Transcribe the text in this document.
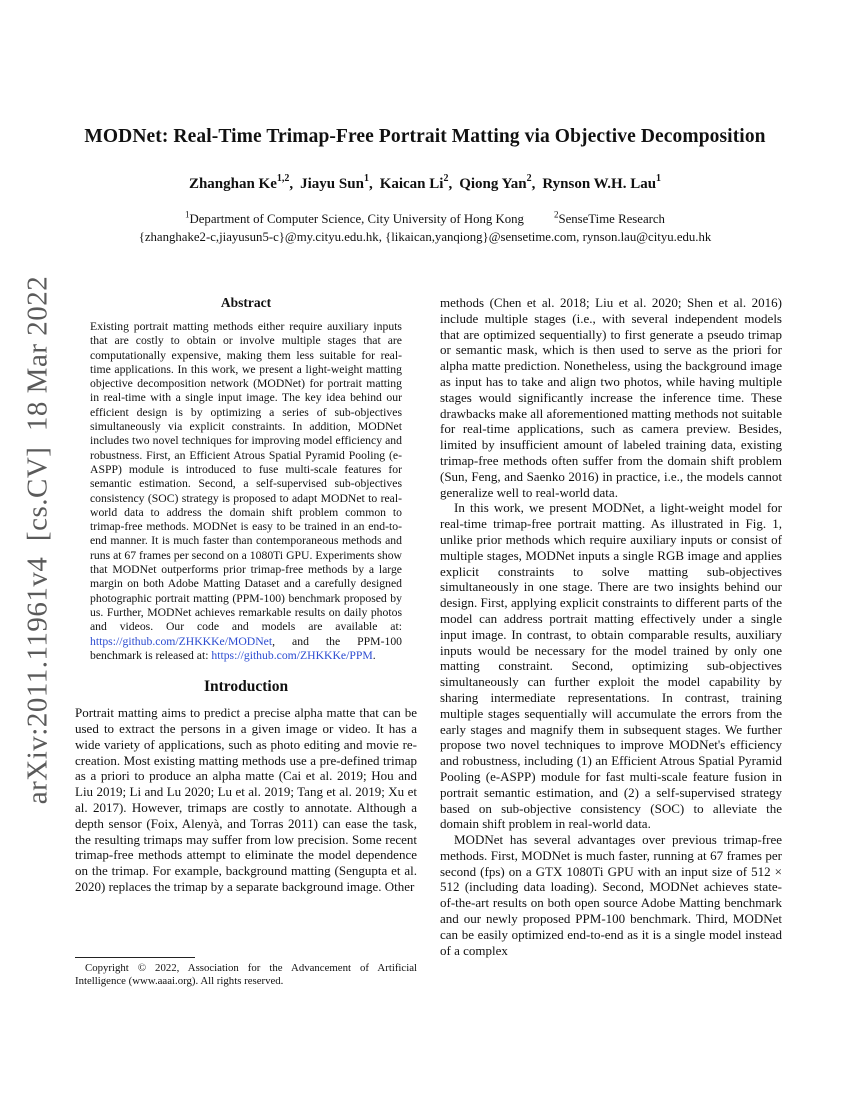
arXiv:2011.11961v4  [cs.CV]  18 Mar 2022
MODNet: Real-Time Trimap-Free Portrait Matting via Objective Decomposition
Zhanghan Ke$^{1,2}$, Jiayu Sun$^1$, Kaican Li$^2$, Qiong Yan$^2$, Rynson W.H. Lau$^1$
$^1$Department of Computer Science, City University of Hong Kong	$^2$SenseTime Research
{zhanghake2-c,jiayusun5-c}@my.cityu.edu.hk, {likaican,yanqiong}@sensetime.com, rynson.lau@cityu.edu.hk
Abstract

Existing portrait matting methods either require auxiliary inputs that are costly to obtain or involve multiple stages that are computationally expensive, making them less suitable for real-time applications. In this work, we present a light-weight matting objective decomposition network (MODNet) for portrait matting in real-time with a single input image. The key idea behind our efficient design is by optimizing a series of sub-objectives simultaneously via explicit constraints. In addition, MODNet includes two novel techniques for improving model efficiency and robustness. First, an Efficient Atrous Spatial Pyramid Pooling (e-ASPP) module is introduced to fuse multi-scale features for semantic estimation. Second, a self-supervised sub-objectives consistency (SOC) strategy is proposed to adapt MODNet to real-world data to address the domain shift problem common to trimap-free methods. MODNet is easy to be trained in an end-to-end manner. It is much faster than contemporaneous methods and runs at 67 frames per second on a 1080Ti GPU. Experiments show that MODNet outperforms prior trimap-free methods by a large margin on both Adobe Matting Dataset and a carefully designed photographic portrait matting (PPM-100) benchmark proposed by us. Further, MODNet achieves remarkable results on daily photos and videos. Our code and models are available at: https://github.com/ZHKKKe/MODNet, and the PPM-100 benchmark is released at: https://github.com/ZHKKKe/PPM.

Introduction

Portrait matting aims to predict a precise alpha matte that can be used to extract the persons in a given image or video. It has a wide variety of applications, such as photo editing and movie re-creation. Most existing matting methods use a pre-defined trimap as a priori to produce an alpha matte (Cai et al. 2019; Hou and Liu 2019; Li and Lu 2020; Lu et al. 2019; Tang et al. 2019; Xu et al. 2017). However, trimaps are costly to annotate. Although a depth sensor (Foix, Alenyà, and Torras 2011) can ease the task, the resulting trimaps may suffer from low precision. Some recent trimap-free methods attempt to eliminate the model dependence on the trimap. For example, background matting (Sengupta et al. 2020) replaces the trimap by a separate background image. Other

Copyright © 2022, Association for the Advancement of Artificial Intelligence (www.aaai.org). All rights reserved.

methods (Chen et al. 2018; Liu et al. 2020; Shen et al. 2016) include multiple stages (i.e., with several independent models that are optimized sequentially) to first generate a pseudo trimap or semantic mask, which is then used to serve as the priori for alpha matte prediction. Nonetheless, using the background image as input has to take and align two photos, while having multiple stages would significantly increase the inference time. These drawbacks make all aforementioned matting methods not suitable for real-time applications, such as camera preview. Besides, limited by insufficient amount of labeled training data, existing trimap-free methods often suffer from the domain shift problem (Sun, Feng, and Saenko 2016) in practice, i.e., the models cannot generalize well to real-world data.

In this work, we present MODNet, a light-weight model for real-time trimap-free portrait matting. As illustrated in Fig. 1, unlike prior methods which require auxiliary inputs or consist of multiple stages, MODNet inputs a single RGB image and applies explicit constraints to solve matting sub-objectives simultaneously in one stage. There are two insights behind our design. First, applying explicit constraints to different parts of the model can address portrait matting effectively under a single input image. In contrast, to obtain comparable results, auxiliary inputs would be necessary for the model trained by only one matting constraint. Second, optimizing sub-objectives simultaneously can further exploit the model capability by sharing intermediate representations. In contrast, training multiple stages sequentially will accumulate the errors from the early stages and magnify them in subsequent stages. We further propose two novel techniques to improve MODNet's efficiency and robustness, including (1) an Efficient Atrous Spatial Pyramid Pooling (e-ASPP) module for fast multi-scale feature fusion in portrait semantic estimation, and (2) a self-supervised strategy based on sub-objective consistency (SOC) to alleviate the domain shift problem in real-world data.

MODNet has several advantages over previous trimap-free methods. First, MODNet is much faster, running at 67 frames per second (fps) on a GTX 1080Ti GPU with an input size of 512 × 512 (including data loading). Second, MODNet achieves state-of-the-art results on both open source Adobe Matting benchmark and our newly proposed PPM-100 benchmark. Third, MODNet can be easily optimized end-to-end as it is a single model instead of a complex
